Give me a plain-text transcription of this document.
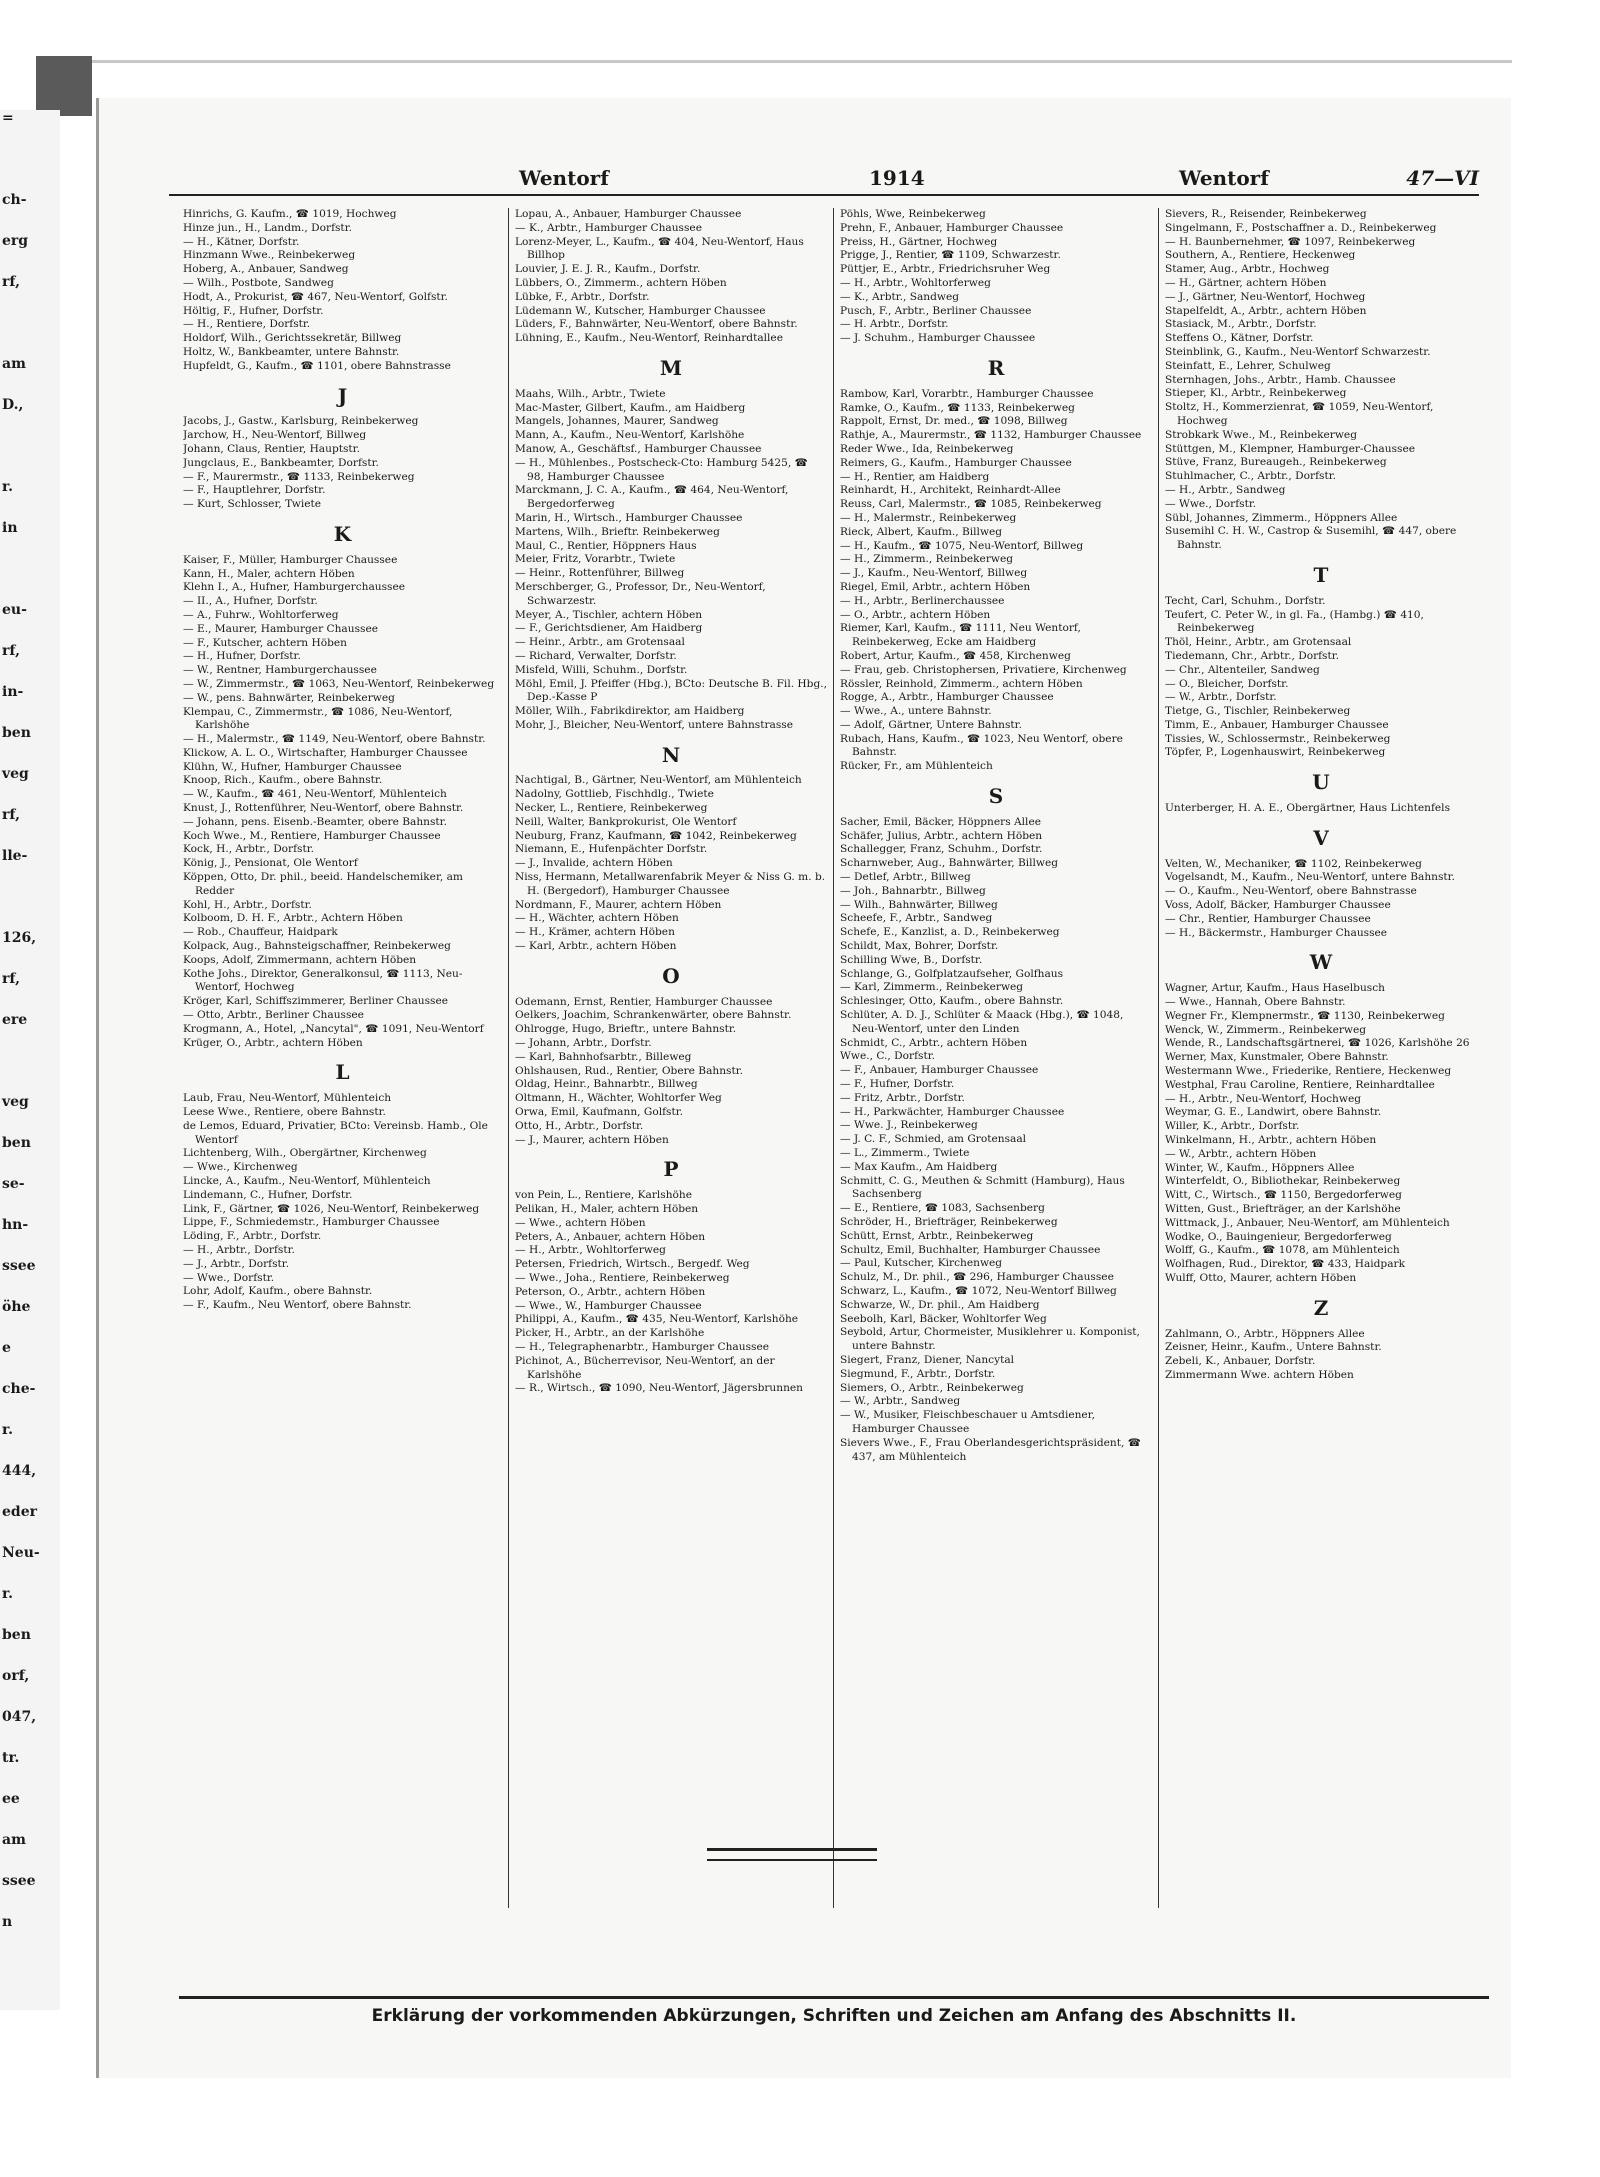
=
ch-
erg
rf,
am
D.,
r.
in
eu-
rf,
in-
ben
veg
rf,
lle-
126,
rf,
ere
veg
ben
se-
hn-
ssee
öhe
e
che-
r.
444,
eder
Neu-
r.
ben
orf,
047,
tr.
ee
am
ssee
n
Wentorf	1914	Wentorf	47—VI
Hinrichs, G. Kaufm., ☎ 1019, Hochweg
Hinze jun., H., Landm., Dorfstr.
— H., Kätner, Dorfstr.
Hinzmann Wwe., Reinbekerweg
Hoberg, A., Anbauer, Sandweg
— Wilh., Postbote, Sandweg
Hodt, A., Prokurist, ☎ 467, Neu-Wentorf, Golfstr.
Höltig, F., Hufner, Dorfstr.
— H., Rentiere, Dorfstr.
Holdorf, Wilh., Gerichtssekretär, Billweg
Holtz, W., Bankbeamter, untere Bahnstr.
Hupfeldt, G., Kaufm., ☎ 1101, obere Bahnstrasse
J
Jacobs, J., Gastw., Karlsburg, Reinbekerweg
Jarchow, H., Neu-Wentorf, Billweg
Johann, Claus, Rentier, Hauptstr.
Jungclaus, E., Bankbeamter, Dorfstr.
— F., Maurermstr., ☎ 1133, Reinbekerweg
— F., Hauptlehrer, Dorfstr.
— Kurt, Schlosser, Twiete
K
Kaiser, F., Müller, Hamburger Chaussee
Kann, H., Maler, achtern Höben
Klehn I., A., Hufner, Hamburgerchaussee
— II., A., Hufner, Dorfstr.
— A., Fuhrw., Wohltorferweg
— E., Maurer, Hamburger Chaussee
— F., Kutscher, achtern Höben
— H., Hufner, Dorfstr.
— W., Rentner, Hamburgerchaussee
— W., Zimmermstr., ☎ 1063, Neu-Wentorf, Reinbekerweg
— W., pens. Bahnwärter, Reinbekerweg
Klempau, C., Zimmermstr., ☎ 1086, Neu-Wentorf, Karlshöhe
— H., Malermstr., ☎ 1149, Neu-Wentorf, obere Bahnstr.
Klickow, A. L. O., Wirtschafter, Hamburger Chaussee
Klühn, W., Hufner, Hamburger Chaussee
Knoop, Rich., Kaufm., obere Bahnstr.
— W., Kaufm., ☎ 461, Neu-Wentorf, Mühlenteich
Knust, J., Rottenführer, Neu-Wentorf, obere Bahnstr.
— Johann, pens. Eisenb.-Beamter, obere Bahnstr.
Koch Wwe., M., Rentiere, Hamburger Chaussee
Kock, H., Arbtr., Dorfstr.
König, J., Pensionat, Ole Wentorf
Köppen, Otto, Dr. phil., beeid. Handelschemiker, am Redder
Kohl, H., Arbtr., Dorfstr.
Kolboom, D. H. F., Arbtr., Achtern Höben
— Rob., Chauffeur, Haidpark
Kolpack, Aug., Bahnsteigschaffner, Reinbekerweg
Koops, Adolf, Zimmermann, achtern Höben
Kothe Johs., Direktor, Generalkonsul, ☎ 1113, Neu-Wentorf, Hochweg
Kröger, Karl, Schiffszimmerer, Berliner Chaussee
— Otto, Arbtr., Berliner Chaussee
Krogmann, A., Hotel, „Nancytal", ☎ 1091, Neu-Wentorf
Krüger, O., Arbtr., achtern Höben
L
Laub, Frau, Neu-Wentorf, Mühlenteich
Leese Wwe., Rentiere, obere Bahnstr.
de Lemos, Eduard, Privatier, BCto: Vereinsb. Hamb., Ole Wentorf
Lichtenberg, Wilh., Obergärtner, Kirchenweg
— Wwe., Kirchenweg
Lincke, A., Kaufm., Neu-Wentorf, Mühlenteich
Lindemann, C., Hufner, Dorfstr.
Link, F., Gärtner, ☎ 1026, Neu-Wentorf, Reinbekerweg
Lippe, F., Schmiedemstr., Hamburger Chaussee
Löding, F., Arbtr., Dorfstr.
— H., Arbtr., Dorfstr.
— J., Arbtr., Dorfstr.
— Wwe., Dorfstr.
Lohr, Adolf, Kaufm., obere Bahnstr.
— F., Kaufm., Neu Wentorf, obere Bahnstr.
Lopau, A., Anbauer, Hamburger Chaussee
— K., Arbtr., Hamburger Chaussee
Lorenz-Meyer, L., Kaufm., ☎ 404, Neu-Wentorf, Haus Billhop
Louvier, J. E. J. R., Kaufm., Dorfstr.
Lübbers, O., Zimmerm., achtern Höben
Lübke, F., Arbtr., Dorfstr.
Lüdemann W., Kutscher, Hamburger Chaussee
Lüders, F., Bahnwärter, Neu-Wentorf, obere Bahnstr.
Lühning, E., Kaufm., Neu-Wentorf, Reinhardtallee
M
Maahs, Wilh., Arbtr., Twiete
Mac-Master, Gilbert, Kaufm., am Haidberg
Mangels, Johannes, Maurer, Sandweg
Mann, A., Kaufm., Neu-Wentorf, Karlshöhe
Manow, A., Geschäftsf., Hamburger Chaussee
— H., Mühlenbes., Postscheck-Cto: Hamburg 5425, ☎ 98, Hamburger Chaussee
Marckmann, J. C. A., Kaufm., ☎ 464, Neu-Wentorf, Bergedorferweg
Marin, H., Wirtsch., Hamburger Chaussee
Martens, Wilh., Brieftr. Reinbekerweg
Maul, C., Rentier, Höppners Haus
Meier, Fritz, Vorarbtr., Twiete
— Heinr., Rottenführer, Billweg
Merschberger, G., Professor, Dr., Neu-Wentorf, Schwarzestr.
Meyer, A., Tischler, achtern Höben
— F., Gerichtsdiener, Am Haidberg
— Heinr., Arbtr., am Grotensaal
— Richard, Verwalter, Dorfstr.
Misfeld, Willi, Schuhm., Dorfstr.
Möhl, Emil, J. Pfeiffer (Hbg.), BCto: Deutsche B. Fil. Hbg., Dep.-Kasse P
Möller, Wilh., Fabrikdirektor, am Haidberg
Mohr, J., Bleicher, Neu-Wentorf, untere Bahnstrasse
N
Nachtigal, B., Gärtner, Neu-Wentorf, am Mühlenteich
Nadolny, Gottlieb, Fischhdlg., Twiete
Necker, L., Rentiere, Reinbekerweg
Neill, Walter, Bankprokurist, Ole Wentorf
Neuburg, Franz, Kaufmann, ☎ 1042, Reinbekerweg
Niemann, E., Hufenpächter Dorfstr.
— J., Invalide, achtern Höben
Niss, Hermann, Metallwarenfabrik Meyer & Niss G. m. b. H. (Bergedorf), Hamburger Chaussee
Nordmann, F., Maurer, achtern Höben
— H., Wächter, achtern Höben
— H., Krämer, achtern Höben
— Karl, Arbtr., achtern Höben
O
Odemann, Ernst, Rentier, Hamburger Chaussee
Oelkers, Joachim, Schrankenwärter, obere Bahnstr.
Ohlrogge, Hugo, Brieftr., untere Bahnstr.
— Johann, Arbtr., Dorfstr.
— Karl, Bahnhofsarbtr., Billeweg
Ohlshausen, Rud., Rentier, Obere Bahnstr.
Oldag, Heinr., Bahnarbtr., Billweg
Oltmann, H., Wächter, Wohltorfer Weg
Orwa, Emil, Kaufmann, Golfstr.
Otto, H., Arbtr., Dorfstr.
— J., Maurer, achtern Höben
P
von Pein, L., Rentiere, Karlshöhe
Pelikan, H., Maler, achtern Höben
— Wwe., achtern Höben
Peters, A., Anbauer, achtern Höben
— H., Arbtr., Wohltorferweg
Petersen, Friedrich, Wirtsch., Bergedf. Weg
— Wwe., Joha., Rentiere, Reinbekerweg
Peterson, O., Arbtr., achtern Höben
— Wwe., W., Hamburger Chaussee
Philippi, A., Kaufm., ☎ 435, Neu-Wentorf, Karlshöhe
Picker, H., Arbtr., an der Karlshöhe
— H., Telegraphenarbtr., Hamburger Chaussee
Pichinot, A., Bücherrevisor, Neu-Wentorf, an der Karlshöhe
— R., Wirtsch., ☎ 1090, Neu-Wentorf, Jägersbrunnen
Pöhls, Wwe, Reinbekerweg
Prehn, F., Anbauer, Hamburger Chaussee
Preiss, H., Gärtner, Hochweg
Prigge, J., Rentier, ☎ 1109, Schwarzestr.
Püttjer, E., Arbtr., Friedrichsruher Weg
— H., Arbtr., Wohltorferweg
— K., Arbtr., Sandweg
Pusch, F., Arbtr., Berliner Chaussee
— H. Arbtr., Dorfstr.
— J. Schuhm., Hamburger Chaussee
R
Rambow, Karl, Vorarbtr., Hamburger Chaussee
Ramke, O., Kaufm., ☎ 1133, Reinbekerweg
Rappolt, Ernst, Dr. med., ☎ 1098, Billweg
Rathje, A., Maurermstr., ☎ 1132, Hamburger Chaussee
Reder Wwe., Ida, Reinbekerweg
Reimers, G., Kaufm., Hamburger Chaussee
— H., Rentier, am Haidberg
Reinhardt, H., Architekt, Reinhardt-Allee
Reuss, Carl, Malermstr., ☎ 1085, Reinbekerweg
— H., Malermstr., Reinbekerweg
Rieck, Albert, Kaufm., Billweg
— H., Kaufm., ☎ 1075, Neu-Wentorf, Billweg
— H., Zimmerm., Reinbekerweg
— J., Kaufm., Neu-Wentorf, Billweg
Riegel, Emil, Arbtr., achtern Höben
— H., Arbtr., Berlinerchaussee
— O., Arbtr., achtern Höben
Riemer, Karl, Kaufm., ☎ 1111, Neu Wentorf, Reinbekerweg, Ecke am Haidberg
Robert, Artur, Kaufm., ☎ 458, Kirchenweg
— Frau, geb. Christophersen, Privatiere, Kirchenweg
Rössler, Reinhold, Zimmerm., achtern Höben
Rogge, A., Arbtr., Hamburger Chaussee
— Wwe., A., untere Bahnstr.
— Adolf, Gärtner, Untere Bahnstr.
Rubach, Hans, Kaufm., ☎ 1023, Neu Wentorf, obere Bahnstr.
Rücker, Fr., am Mühlenteich
S
Sacher, Emil, Bäcker, Höppners Allee
Schäfer, Julius, Arbtr., achtern Höben
Schallegger, Franz, Schuhm., Dorfstr.
Scharnweber, Aug., Bahnwärter, Billweg
— Detlef, Arbtr., Billweg
— Joh., Bahnarbtr., Billweg
— Wilh., Bahnwärter, Billweg
Scheefe, F., Arbtr., Sandweg
Schefe, E., Kanzlist, a. D., Reinbekerweg
Schildt, Max, Bohrer, Dorfstr.
Schilling Wwe, B., Dorfstr.
Schlange, G., Golfplatzaufseher, Golfhaus
— Karl, Zimmerm., Reinbekerweg
Schlesinger, Otto, Kaufm., obere Bahnstr.
Schlüter, A. D. J., Schlüter & Maack (Hbg.), ☎ 1048, Neu-Wentorf, unter den Linden
Schmidt, C., Arbtr., achtern Höben
Wwe., C., Dorfstr.
— F., Anbauer, Hamburger Chaussee
— F., Hufner, Dorfstr.
— Fritz, Arbtr., Dorfstr.
— H., Parkwächter, Hamburger Chaussee
— Wwe. J., Reinbekerweg
— J. C. F., Schmied, am Grotensaal
— L., Zimmerm., Twiete
— Max Kaufm., Am Haidberg
Schmitt, C. G., Meuthen & Schmitt (Hamburg), Haus Sachsenberg
— E., Rentiere, ☎ 1083, Sachsenberg
Schröder, H., Briefträger, Reinbekerweg
Schütt, Ernst, Arbtr., Reinbekerweg
Schultz, Emil, Buchhalter, Hamburger Chaussee
— Paul, Kutscher, Kirchenweg
Schulz, M., Dr. phil., ☎ 296, Hamburger Chaussee
Schwarz, L., Kaufm., ☎ 1072, Neu-Wentorf Billweg
Schwarze, W., Dr. phil., Am Haidberg
Seebolh, Karl, Bäcker, Wohltorfer Weg
Seybold, Artur, Chormeister, Musiklehrer u. Komponist, untere Bahnstr.
Siegert, Franz, Diener, Nancytal
Siegmund, F., Arbtr., Dorfstr.
Siemers, O., Arbtr., Reinbekerweg
— W., Arbtr., Sandweg
— W., Musiker, Fleischbeschauer u Amtsdiener, Hamburger Chaussee
Sievers Wwe., F., Frau Oberlandesgerichtspräsident, ☎ 437, am Mühlenteich
Sievers, R., Reisender, Reinbekerweg
Singelmann, F., Postschaffner a. D., Reinbekerweg
— H. Baunbernehmer, ☎ 1097, Reinbekerweg
Southern, A., Rentiere, Heckenweg
Stamer, Aug., Arbtr., Hochweg
— H., Gärtner, achtern Höben
— J., Gärtner, Neu-Wentorf, Hochweg
Stapelfeldt, A., Arbtr., achtern Höben
Stasiack, M., Arbtr., Dorfstr.
Steffens O., Kätner, Dorfstr.
Steinblink, G., Kaufm., Neu-Wentorf Schwarzestr.
Steinfatt, E., Lehrer, Schulweg
Sternhagen, Johs., Arbtr., Hamb. Chaussee
Stieper, Kl., Arbtr., Reinbekerweg
Stoltz, H., Kommerzienrat, ☎ 1059, Neu-Wentorf, Hochweg
Strobkark Wwe., M., Reinbekerweg
Stüttgen, M., Klempner, Hamburger-Chaussee
Stüve, Franz, Bureaugeh., Reinbekerweg
Stuhlmacher, C., Arbtr., Dorfstr.
— H., Arbtr., Sandweg
— Wwe., Dorfstr.
Sübl, Johannes, Zimmerm., Höppners Allee
Susemihl C. H. W., Castrop & Susemihl, ☎ 447, obere Bahnstr.
T
Techt, Carl, Schuhm., Dorfstr.
Teufert, C. Peter W., in gl. Fa., (Hambg.) ☎ 410, Reinbekerweg
Thöl, Heinr., Arbtr., am Grotensaal
Tiedemann, Chr., Arbtr., Dorfstr.
— Chr., Altenteiler, Sandweg
— O., Bleicher, Dorfstr.
— W., Arbtr., Dorfstr.
Tietge, G., Tischler, Reinbekerweg
Timm, E., Anbauer, Hamburger Chaussee
Tissies, W., Schlossermstr., Reinbekerweg
Töpfer, P., Logenhauswirt, Reinbekerweg
U
Unterberger, H. A. E., Obergärtner, Haus Lichtenfels
V
Velten, W., Mechaniker, ☎ 1102, Reinbekerweg
Vogelsandt, M., Kaufm., Neu-Wentorf, untere Bahnstr.
— O., Kaufm., Neu-Wentorf, obere Bahnstrasse
Voss, Adolf, Bäcker, Hamburger Chaussee
— Chr., Rentier, Hamburger Chaussee
— H., Bäckermstr., Hamburger Chaussee
W
Wagner, Artur, Kaufm., Haus Haselbusch
— Wwe., Hannah, Obere Bahnstr.
Wegner Fr., Klempnermstr., ☎ 1130, Reinbekerweg
Wenck, W., Zimmerm., Reinbekerweg
Wende, R., Landschaftsgärtnerei, ☎ 1026, Karlshöhe 26
Werner, Max, Kunstmaler, Obere Bahnstr.
Westermann Wwe., Friederike, Rentiere, Heckenweg
Westphal, Frau Caroline, Rentiere, Reinhardtallee
— H., Arbtr., Neu-Wentorf, Hochweg
Weymar, G. E., Landwirt, obere Bahnstr.
Willer, K., Arbtr., Dorfstr.
Winkelmann, H., Arbtr., achtern Höben
— W., Arbtr., achtern Höben
Winter, W., Kaufm., Höppners Allee
Winterfeldt, O., Bibliothekar, Reinbekerweg
Witt, C., Wirtsch., ☎ 1150, Bergedorferweg
Witten, Gust., Briefträger, an der Karlshöhe
Wittmack, J., Anbauer, Neu-Wentorf, am Mühlenteich
Wodke, O., Bauingenieur, Bergedorferweg
Wolff, G., Kaufm., ☎ 1078, am Mühlenteich
Wolfhagen, Rud., Direktor, ☎ 433, Haidpark
Wulff, Otto, Maurer, achtern Höben
Z
Zahlmann, O., Arbtr., Höppners Allee
Zeisner, Heinr., Kaufm., Untere Bahnstr.
Zebeli, K., Anbauer, Dorfstr.
Zimmermann Wwe. achtern Höben
Erklärung der vorkommenden Abkürzungen, Schriften und Zeichen am Anfang des Abschnitts II.
